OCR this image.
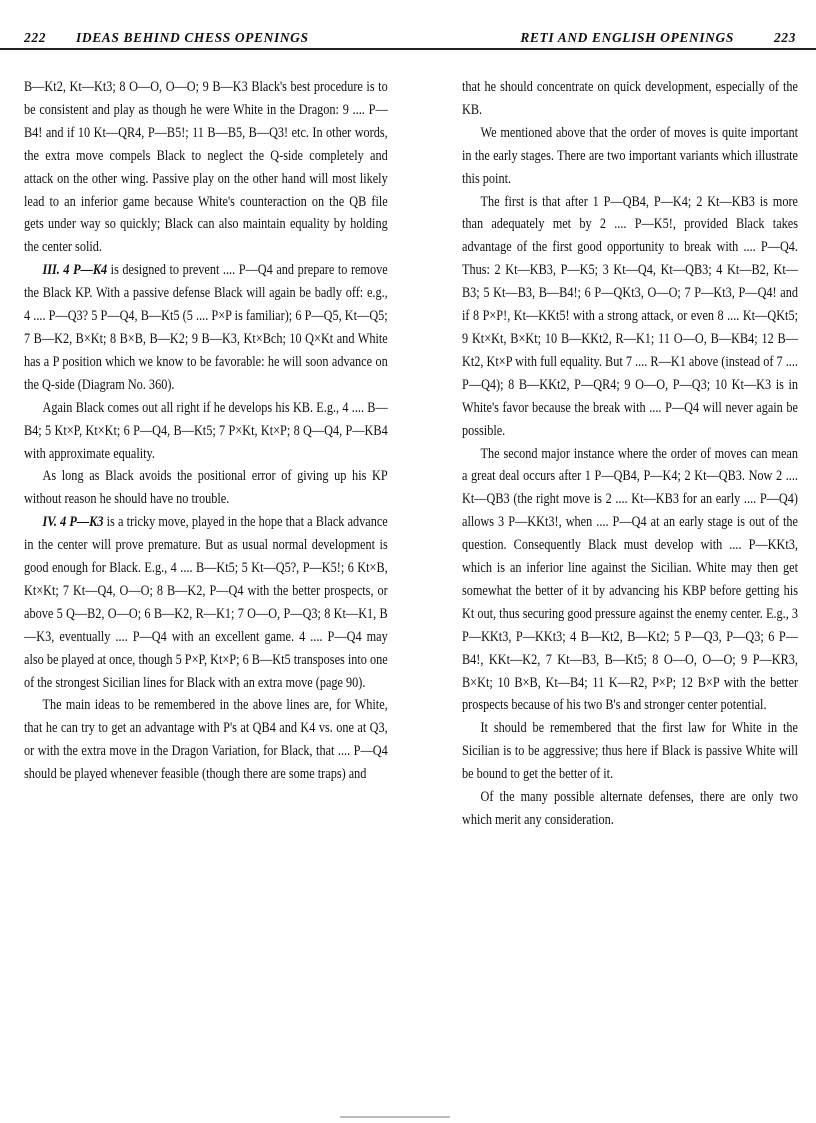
222 IDEAS BEHIND CHESS OPENINGS

B—Kt2, Kt—Kt3; 8 O—O, O—O; 9 B—K3 Black's best procedure is to be consistent and play as though he were White in the Dragon: 9 .... P—B4! and if 10 Kt—QR4, P—B5!; 11 B—B5, B—Q3! etc. In other words, the extra move compels Black to neglect the Q-side completely and attack on the other wing. Passive play on the other hand will most likely lead to an inferior game because White's counteraction on the QB file gets under way so quickly; Black can also maintain equality by holding the center solid.

III. 4 P—K4 is designed to prevent .... P—Q4 and prepare to remove the Black KP. With a passive defense Black will again be badly off: e.g., 4 .... P—Q3? 5 P—Q4, B—Kt5 (5 .... P×P is familiar); 6 P—Q5, Kt—Q5; 7 B—K2, B×Kt; 8 B×B, B—K2; 9 B—K3, Kt×Bch; 10 Q×Kt and White has a P position which we know to be favorable: he will soon advance on the Q-side (Diagram No. 360).

Again Black comes out all right if he develops his KB. E.g., 4 .... B—B4; 5 Kt×P, Kt×Kt; 6 P—Q4, B—Kt5; 7 P×Kt, Kt×P; 8 Q—Q4, P—KB4 with approximate equality.

As long as Black avoids the positional error of giving up his KP without reason he should have no trouble.

IV. 4 P—K3 is a tricky move, played in the hope that a Black advance in the center will prove premature. But as usual normal development is good enough for Black. E.g., 4 .... B—Kt5; 5 Kt—Q5?, P—K5!; 6 Kt×B, Kt×Kt; 7 Kt—Q4, O—O; 8 B—K2, P—Q4 with the better prospects, or above 5 Q—B2, O—O; 6 B—K2, R—K1; 7 O—O, P—Q3; 8 Kt—K1, B—K3, eventually .... P—Q4 with an excellent game. 4 .... P—Q4 may also be played at once, though 5 P×P, Kt×P; 6 B—Kt5 transposes into one of the strongest Sicilian lines for Black with an extra move (page 90).

The main ideas to be remembered in the above lines are, for White, that he can try to get an advantage with P's at QB4 and K4 vs. one at Q3, or with the extra move in the Dragon Variation, for Black, that .... P—Q4 should be played whenever feasible (though there are some traps) and

RETI AND ENGLISH OPENINGS	223

that he should concentrate on quick development, especially of the KB.

We mentioned above that the order of moves is quite important in the early stages. There are two important variants which illustrate this point.

The first is that after 1 P—QB4, P—K4; 2 Kt—KB3 is more than adequately met by 2 .... P—K5!, provided Black takes advantage of the first good opportunity to break with .... P—Q4. Thus: 2 Kt—KB3, P—K5; 3 Kt—Q4, Kt—QB3; 4 Kt—B2, Kt—B3; 5 Kt—B3, B—B4!; 6 P—QKt3, O—O; 7 P—Kt3, P—Q4! and if 8 P×P!, Kt—KKt5! with a strong attack, or even 8 .... Kt—QKt5; 9 Kt×Kt, B×Kt; 10 B—KKt2, R—K1; 11 O—O, B—KB4; 12 B—Kt2, Kt×P with full equality. But 7 .... R—K1 above (instead of 7 .... P—Q4); 8 B—KKt2, P—QR4; 9 O—O, P—Q3; 10 Kt—K3 is in White's favor because the break with .... P—Q4 will never again be possible.

The second major instance where the order of moves can mean a great deal occurs after 1 P—QB4, P—K4; 2 Kt—QB3. Now 2 .... Kt—QB3 (the right move is 2 .... Kt—KB3 for an early .... P—Q4) allows 3 P—KKt3!, when .... P—Q4 at an early stage is out of the question. Consequently Black must develop with .... P—KKt3, which is an inferior line against the Sicilian. White may then get somewhat the better of it by advancing his KBP before getting his Kt out, thus securing good pressure against the enemy center. E.g., 3 P—KKt3, P—KKt3; 4 B—Kt2, B—Kt2; 5 P—Q3, P—Q3; 6 P—B4!, KKt—K2, 7 Kt—B3, B—Kt5; 8 O—O, O—O; 9 P—KR3, B×Kt; 10 B×B, Kt—B4; 11 K—R2, P×P; 12 B×P with the better prospects because of his two B's and stronger center potential.

It should be remembered that the first law for White in the Sicilian is to be aggressive; thus here if Black is passive White will be bound to get the better of it.

Of the many possible alternate defenses, there are only two which merit any consideration.
